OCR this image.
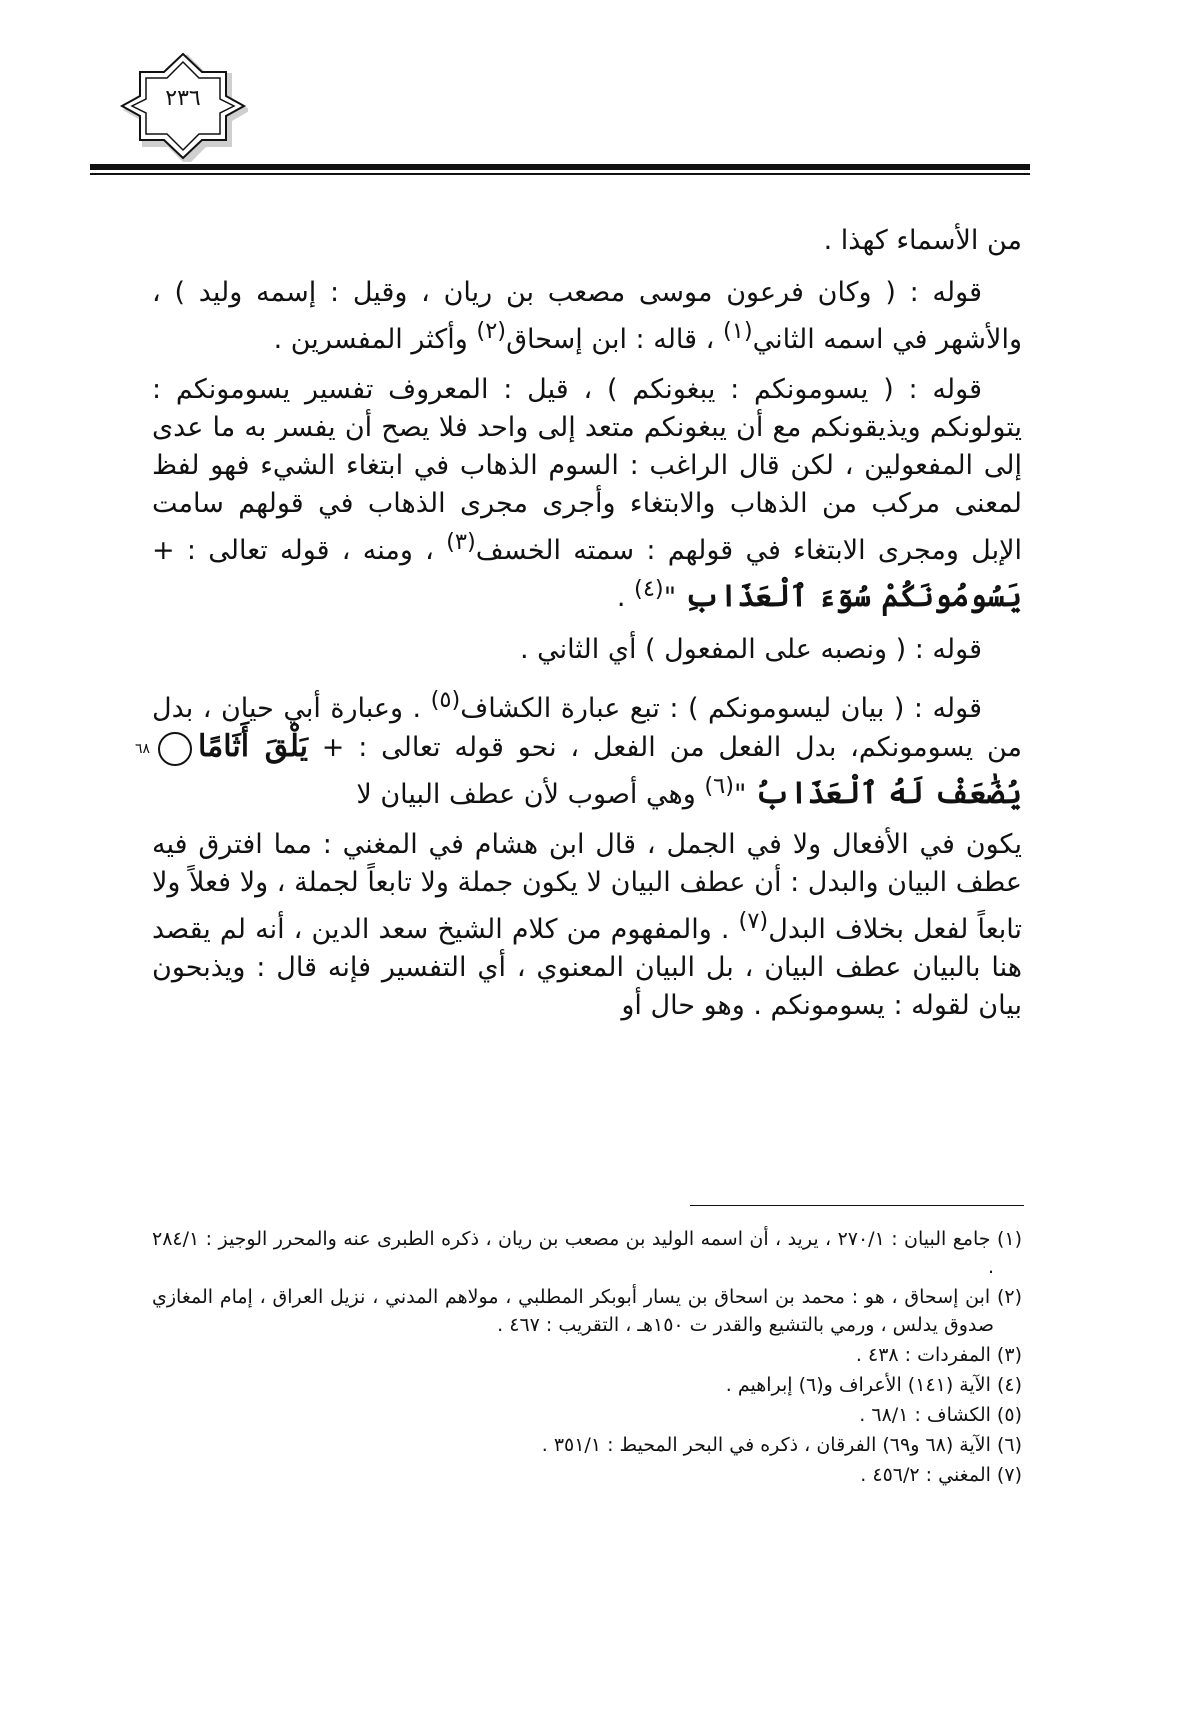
٢٣٦

من الأسماء كهذا .

قوله : ( وكان فرعون موسى مصعب بن ريان ، وقيل : إسمه وليد ) ، والأشهر في اسمه الثاني$^{(١)}$ ، قاله : ابن إسحاق$^{(٢)}$ وأكثر المفسرين .

قوله : ( يسومونكم : يبغونكم ) ، قيل : المعروف تفسير يسومونكم : يتولونكم ويذيقونكم مع أن يبغونكم متعد إلى واحد فلا يصح أن يفسر به ما عدى إلى المفعولين ، لكن قال الراغب : السوم الذهاب في ابتغاء الشيء فهو لفظ لمعنى مركب من الذهاب والابتغاء وأجرى مجرى الذهاب في قولهم سامت الإبل ومجرى الابتغاء في قولهم : سمته الخسف$^{(٣)}$ ، ومنه ، قوله تعالى : + يَسُومُونَكُمْ سُوٓءَ ٱلْعَذَابِ "$^{(٤)}$ .

قوله : ( ونصبه على المفعول ) أي الثاني .

قوله : ( بيان ليسومونكم ) : تبع عبارة الكشاف$^{(٥)}$ . وعبارة أبي حيان ، بدل من يسومونكم، بدل الفعل من الفعل ، نحو قوله تعالى : + يَلْقَ أَثَامًا٦٨يُضَٰعَفْ لَهُ ٱلْعَذَابُ "$^{(٦)}$ وهي أصوب لأن عطف البيان لا

يكون في الأفعال ولا في الجمل ، قال ابن هشام في المغني : مما افترق فيه عطف البيان والبدل : أن عطف البيان لا يكون جملة ولا تابعاً لجملة ، ولا فعلاً ولا تابعاً لفعل بخلاف البدل$^{(٧)}$ . والمفهوم من كلام الشيخ سعد الدين ، أنه لم يقصد هنا بالبيان عطف البيان ، بل البيان المعنوي ، أي التفسير فإنه قال : ويذبحون بيان لقوله : يسومونكم . وهو حال أو

(١) جامع البيان : ٢٧٠/١ ، يريد ، أن اسمه الوليد بن مصعب بن ريان ، ذكره الطبرى عنه والمحرر الوجيز : ٢٨٤/١ .

(٢) ابن إسحاق ، هو : محمد بن اسحاق بن يسار أبوبكر المطلبي ، مولاهم المدني ، نزيل العراق ، إمام المغازي صدوق يدلس ، ورمي بالتشيع والقدر ت ١٥٠هـ ، التقريب : ٤٦٧ .

(٣) المفردات : ٤٣٨ .

(٤) الآية (١٤١) الأعراف و(٦) إبراهيم .

(٥) الكشاف : ٦٨/١ .

(٦) الآية (٦٨ و٦٩) الفرقان ، ذكره في البحر المحيط : ٣٥١/١ .

(٧) المغني : ٤٥٦/٢ .
